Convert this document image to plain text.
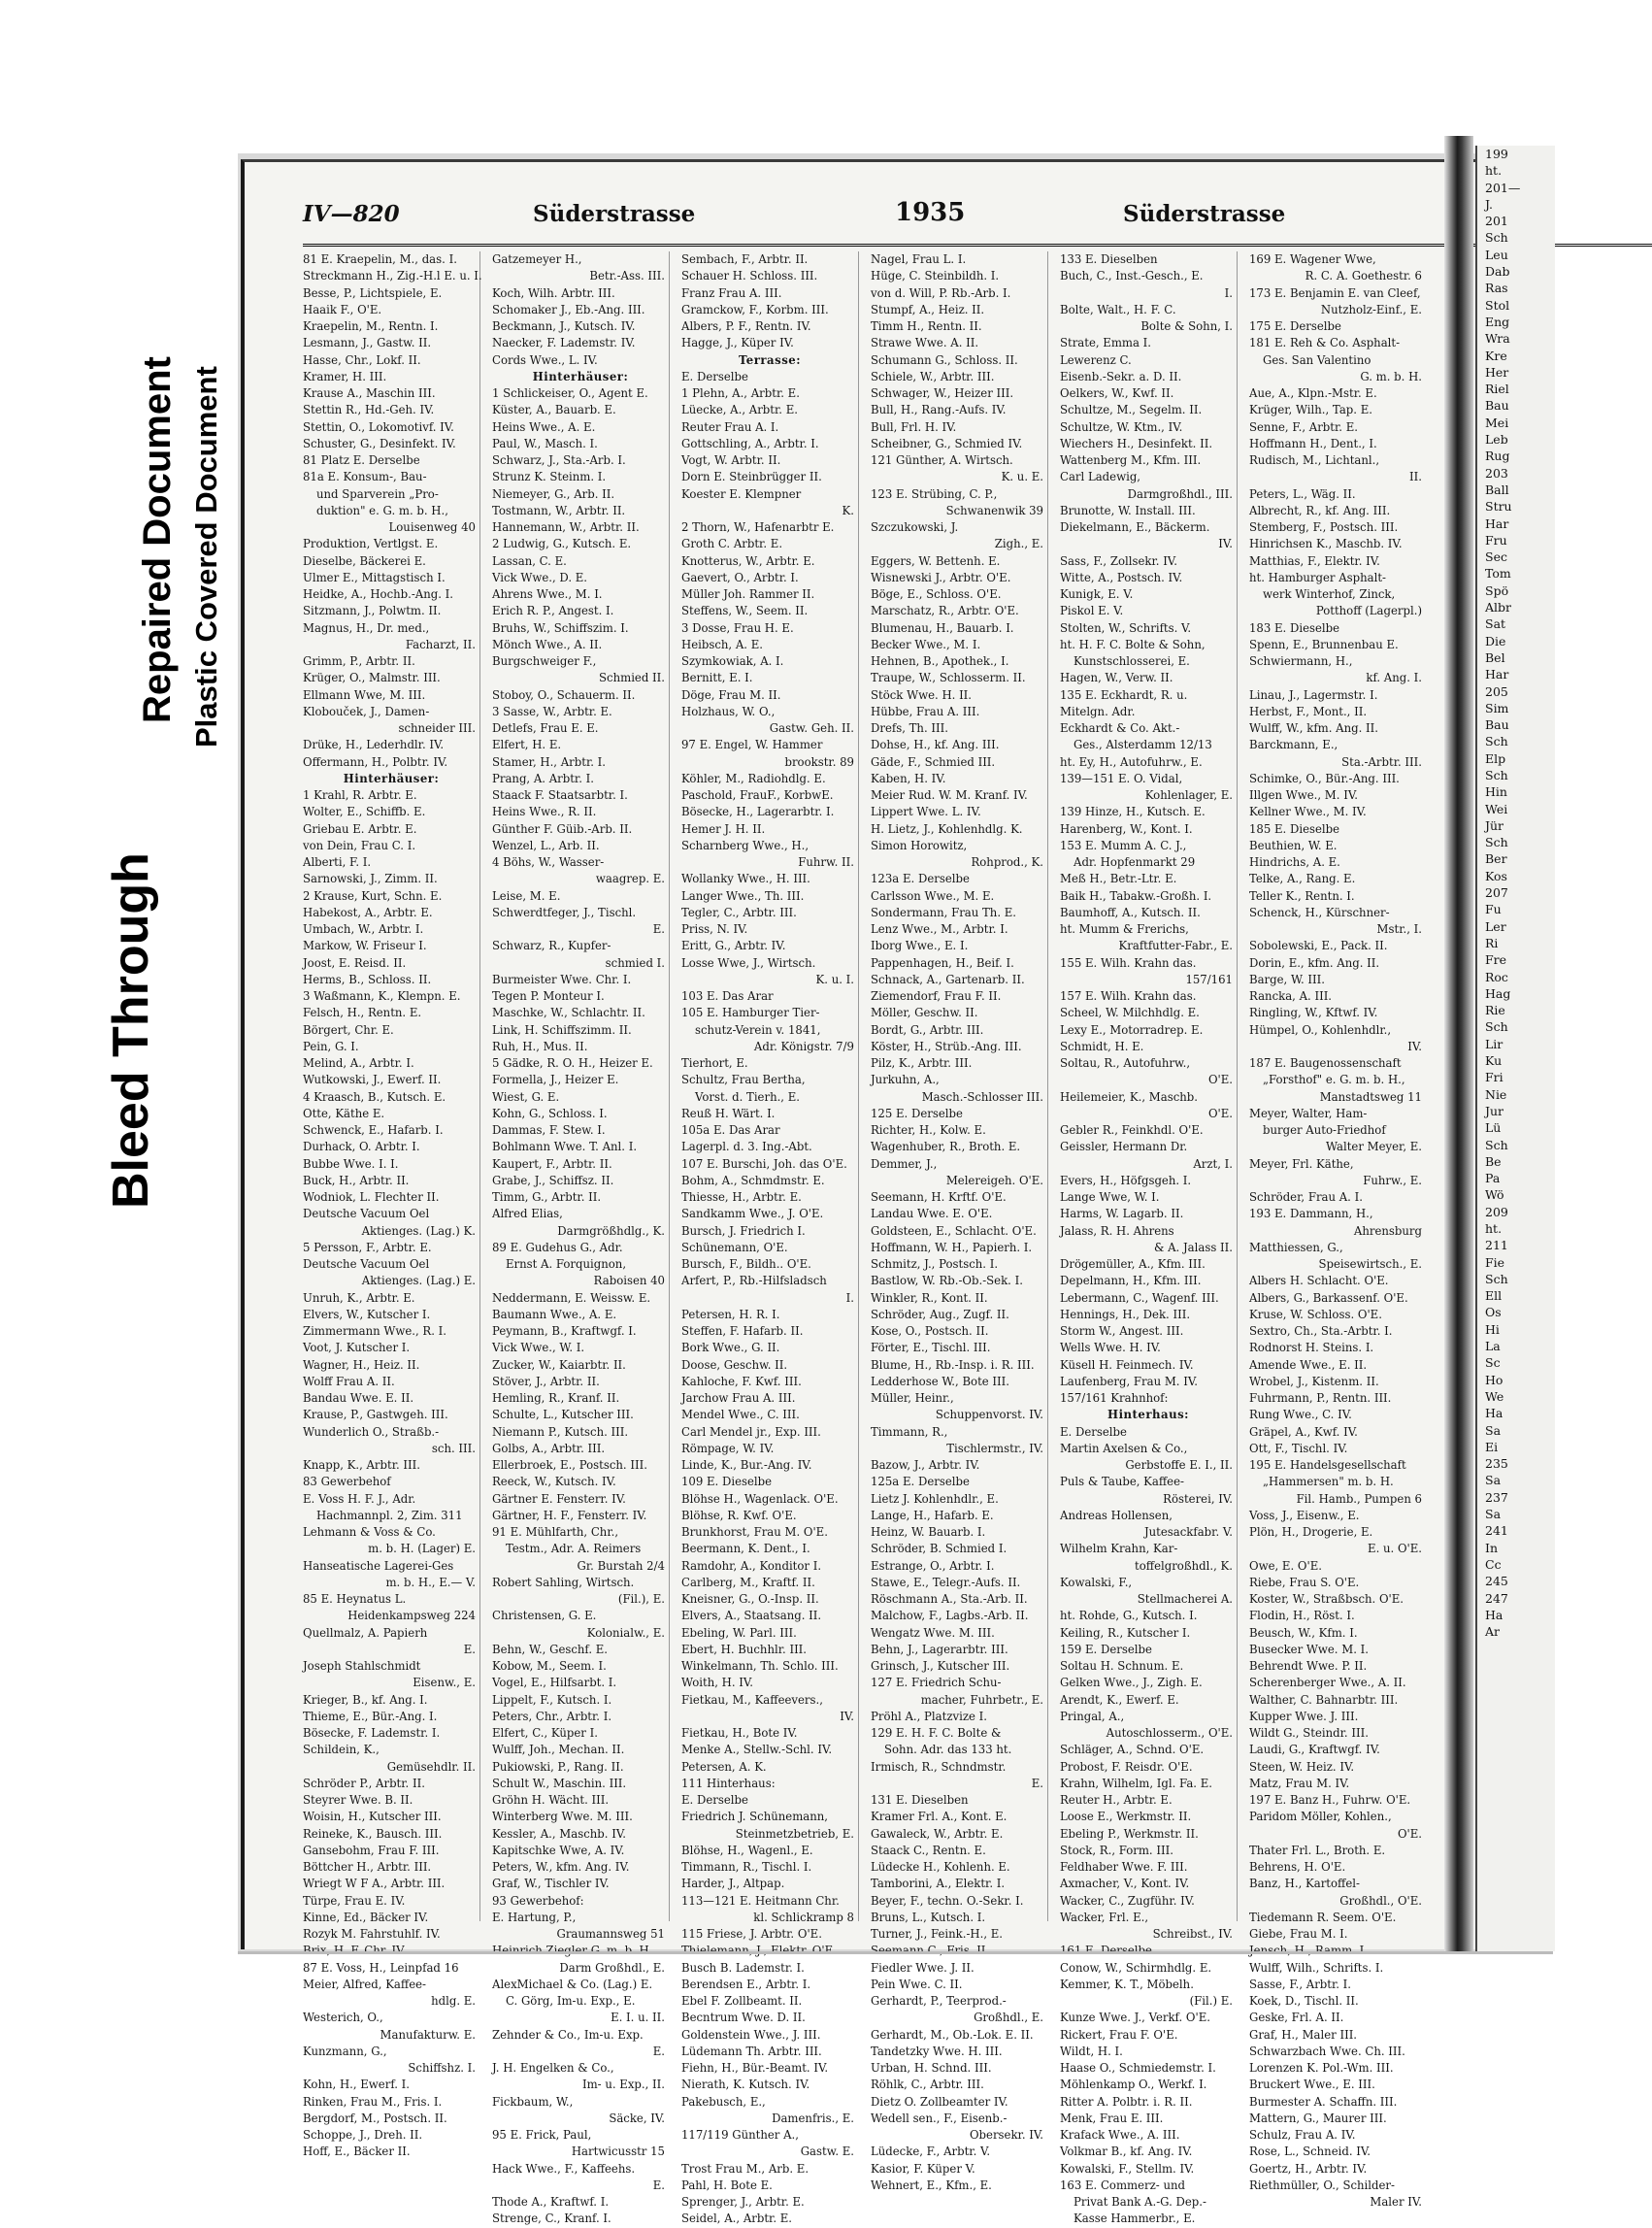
Bleed Through
Repaired Document Plastic Covered Document
IV—820	Süderstrasse	1935	Süderstrasse
81 E. Kraepelin, M., das. I.
Streckmann H., Zig.-H.l E. u. I.
Besse, P., Lichtspiele, E.
Haaik F., O'E.
Kraepelin, M., Rentn. I.
Lesmann, J., Gastw. II.
Hasse, Chr., Lokf. II.
Kramer, H. III.
Krause A., Maschin III.
Stettin R., Hd.-Geh. IV.
Stettin, O., Lokomotivf. IV.
Schuster, G., Desinfekt. IV.
81 Platz E. Derselbe
81a E. Konsum-, Bau-
und Sparverein „Pro-
duktion" e. G. m. b. H.,
Louisenweg 40
Produktion, Vertlgst. E.
Dieselbe, Bäckerei E.
Ulmer E., Mittagstisch I.
Heidke, A., Hochb.-Ang. I.
Sitzmann, J., Polwtm. II.
Magnus, H., Dr. med.,
Facharzt, II.
Grimm, P., Arbtr. II.
Krüger, O., Malmstr. III.
Ellmann Wwe, M. III.
Klobouček, J., Damen-
schneider III.
Drüke, H., Lederhdlr. IV.
Offermann, H., Polbtr. IV.
Hinterhäuser:
1 Krahl, R. Arbtr. E.
Wolter, E., Schiffb. E.
Griebau E. Arbtr. E.
von Dein, Frau C. I.
Alberti, F. I.
Sarnowski, J., Zimm. II.
2 Krause, Kurt, Schn. E.
Habekost, A., Arbtr. E.
Umbach, W., Arbtr. I.
Markow, W. Friseur I.
Joost, E. Reisd. II.
Herms, B., Schloss. II.
3 Waßmann, K., Klempn. E.
Felsch, H., Rentn. E.
Börgert, Chr. E.
Pein, G. I.
Melind, A., Arbtr. I.
Wutkowski, J., Ewerf. II.
4 Kraasch, B., Kutsch. E.
Otte, Käthe E.
Schwenck, E., Hafarb. I.
Durhack, O. Arbtr. I.
Bubbe Wwe. I. I.
Buck, H., Arbtr. II.
Wodniok, L. Flechter II.
Deutsche Vacuum Oel
Aktienges. (Lag.) K.
5 Persson, F., Arbtr. E.
Deutsche Vacuum Oel
Aktienges. (Lag.) E.
Unruh, K., Arbtr. E.
Elvers, W., Kutscher I.
Zimmermann Wwe., R. I.
Voot, J. Kutscher I.
Wagner, H., Heiz. II.
Wolff Frau A. II.
Bandau Wwe. E. II.
Krause, P., Gastwgeh. III.
Wunderlich O., Straßb.-
sch. III.
Knapp, K., Arbtr. III.
83 Gewerbehof
E. Voss H. F. J., Adr.
Hachmannpl. 2, Zim. 311
Lehmann & Voss & Co.
m. b. H. (Lager) E.
Hanseatische Lagerei-Ges
m. b. H., E.— V.
85 E. Heynatus L.
Heidenkampsweg 224
Quellmalz, A. Papierh
E.
Joseph Stahlschmidt
Eisenw., E.
Krieger, B., kf. Ang. I.
Thieme, E., Bür.-Ang. I.
Bösecke, F. Lademstr. I.
Schildein, K.,
Gemüsehdlr. II.
Schröder P., Arbtr. II.
Steyrer Wwe. B. II.
Woisin, H., Kutscher III.
Reineke, K., Bausch. III.
Gansebohm, Frau F. III.
Böttcher H., Arbtr. III.
Wriegt W F A., Arbtr. III.
Türpe, Frau E. IV.
Kinne, Ed., Bäcker IV.
Rozyk M. Fahrstuhlf. IV.
87 E. Voss, H., Leinpfad 16
Meier, Alfred, Kaffee-
hdlg. E.
Westerich, O.,
Manufakturw. E.
Kunzmann, G.,
Schiffshz. I.
Kohn, H., Ewerf. I.
Rinken, Frau M., Fris. I.
Bergdorf, M., Postsch. II.
Schoppe, J., Dreh. II.
Hoff, E., Bäcker II.
Gatzemeyer H.,
Betr.-Ass. III.
Koch, Wilh. Arbtr. III.
Schomaker J., Eb.-Ang. III.
Beckmann, J., Kutsch. IV.
Naecker, F. Lademstr. IV.
Cords Wwe., L. IV.
Hinterhäuser:
1 Schlickeiser, O., Agent E.
Küster, A., Bauarb. E.
Heins Wwe., A. E.
Paul, W., Masch. I.
Schwarz, J., Sta.-Arb. I.
Strunz K. Steinm. I.
Niemeyer, G., Arb. II.
Tostmann, W., Arbtr. II.
Hannemann, W., Arbtr. II.
2 Ludwig, G., Kutsch. E.
Lassan, C. E.
Vick Wwe., D. E.
Ahrens Wwe., M. I.
Erich R. P., Angest. I.
Bruhs, W., Schiffszim. I.
Mönch Wwe., A. II.
Burgschweiger F.,
Schmied II.
Stoboy, O., Schauerm. II.
3 Sasse, W., Arbtr. E.
Detlefs, Frau E. E.
Elfert, H. E.
Stamer, H., Arbtr. I.
Prang, A. Arbtr. I.
Staack F. Staatsarbtr. I.
Heins Wwe., R. II.
Günther F. Güib.-Arb. II.
Wenzel, L., Arb. II.
4 Böhs, W., Wasser-
waagrep. E.
Leise, M. E.
Schwerdtfeger, J., Tischl.
E.
Schwarz, R., Kupfer-
schmied I.
Burmeister Wwe. Chr. I.
Tegen P. Monteur I.
Maschke, W., Schlachtr. II.
Link, H. Schiffszimm. II.
Ruh, H., Mus. II.
5 Gädke, R. O. H., Heizer E.
Formella, J., Heizer E.
Wiest, G. E.
Kohn, G., Schloss. I.
Dammas, F. Stew. I.
Bohlmann Wwe. T. Anl. I.
Kaupert, F., Arbtr. II.
Grabe, J., Schiffsz. II.
Timm, G., Arbtr. II.
Alfred Elias,
Darmgrößhdlg., K.
89 E. Gudehus G., Adr.
Ernst A. Forquignon,
Raboisen 40
Neddermann, E. Weissw. E.
Baumann Wwe., A. E.
Peymann, B., Kraftwgf. I.
Vick Wwe., W. I.
Zucker, W., Kaiarbtr. II.
Stöver, J., Arbtr. II.
Hemling, R., Kranf. II.
Schulte, L., Kutscher III.
Niemann P., Kutsch. III.
Golbs, A., Arbtr. III.
Ellerbroek, E., Postsch. III.
Reeck, W., Kutsch. IV.
Gärtner E. Fensterr. IV.
Gärtner, H. F., Fensterr. IV.
91 E. Mühlfarth, Chr.,
Testm., Adr. A. Reimers
Gr. Burstah 2/4
Robert Sahling, Wirtsch.
(Fil.), E.
Christensen, G. E.
Kolonialw., E.
Behn, W., Geschf. E.
Kobow, M., Seem. I.
Vogel, E., Hilfsarbt. I.
Lippelt, F., Kutsch. I.
Peters, Chr., Arbtr. I.
Elfert, C., Küper I.
Wulff, Joh., Mechan. II.
Pukiowski, P., Rang. II.
Schult W., Maschin. III.
Gröhn H. Wächt. III.
Winterberg Wwe. M. III.
Kessler, A., Maschb. IV.
Kapitschke Wwe, A. IV.
Peters, W., kfm. Ang. IV.
Graf, W., Tischler IV.
93 Gewerbehof:
E. Hartung, P.,
Graumannsweg 51
Darm Großhdl., E.
AlexMichael & Co. (Lag.) E.
C. Görg, Im-u. Exp., E.
E. I. u. II.
Zehnder & Co., Im-u. Exp.
E.
J. H. Engelken & Co.,
Im- u. Exp., II.
Fickbaum, W.,
Säcke, IV.
95 E. Frick, Paul,
Hartwicusstr 15
Hack Wwe., F., Kaffeehs.
E.
Thode A., Kraftwf. I.
Strenge, C., Kranf. I.
Sembach, F., Arbtr. II.
Schauer H. Schloss. III.
Franz Frau A. III.
Gramckow, F., Korbm. III.
Albers, P. F., Rentn. IV.
Hagge, J., Küper IV.
Terrasse:
E. Derselbe
1 Plehn, A., Arbtr. E.
Lüecke, A., Arbtr. E.
Reuter Frau A. I.
Gottschling, A., Arbtr. I.
Vogt, W. Arbtr. II.
Dorn E. Steinbrügger II.
Koester E. Klempner
K.
2 Thorn, W., Hafenarbtr E.
Groth C. Arbtr. E.
Knotterus, W., Arbtr. E.
Gaevert, O., Arbtr. I.
Müller Joh. Rammer II.
Steffens, W., Seem. II.
3 Dosse, Frau H. E.
Heibsch, A. E.
Szymkowiak, A. I.
Bernitt, E. I.
Döge, Frau M. II.
Holzhaus, W. O.,
Gastw. Geh. II.
97 E. Engel, W. Hammer
brookstr. 89
Köhler, M., Radiohdlg. E.
Paschold, FrauF., KorbwE.
Bösecke, H., Lagerarbtr. I.
Hemer J. H. II.
Scharnberg Wwe., H.,
Fuhrw. II.
Wollanky Wwe., H. III.
Langer Wwe., Th. III.
Tegler, C., Arbtr. III.
Priss, N. IV.
Eritt, G., Arbtr. IV.
Losse Wwe, J., Wirtsch.
K. u. I.
103 E. Das Arar
105 E. Hamburger Tier-
schutz-Verein v. 1841,
Adr. Königstr. 7/9
Tierhort, E.
Schultz, Frau Bertha,
Vorst. d. Tierh., E.
Reuß H. Wärt. I.
105a E. Das Arar
Lagerpl. d. 3. Ing.-Abt.
107 E. Burschi, Joh. das O'E.
Bohm, A., Schmdmstr. E.
Thiesse, H., Arbtr. E.
Sandkamm Wwe., J. O'E.
Bursch, J. Friedrich I.
Schünemann, O'E.
Bursch, F., Bildh.. O'E.
Arfert, P., Rb.-Hilfsladsch
I.
Petersen, H. R. I.
Steffen, F. Hafarb. II.
Bork Wwe., G. II.
Doose, Geschw. II.
Kahloche, F. Kwf. III.
Jarchow Frau A. III.
Mendel Wwe., C. III.
Carl Mendel jr., Exp. III.
Römpage, W. IV.
Linde, K., Bur.-Ang. IV.
109 E. Dieselbe
Blöhse H., Wagenlack. O'E.
Blöhse, R. Kwf. O'E.
Brunkhorst, Frau M. O'E.
Beermann, K. Dent., I.
Ramdohr, A., Konditor I.
Carlberg, M., Kraftf. II.
Kneisner, G., O.-Insp. II.
Elvers, A., Staatsang. II.
Ebeling, W. Parl. III.
Ebert, H. Buchhlr. III.
Winkelmann, Th. Schlo. III.
Woith, H. IV.
Fietkau, M., Kaffeevers.,
IV.
Fietkau, H., Bote IV.
Menke A., Stellw.-Schl. IV.
Petersen, A. K.
111 Hinterhaus:
E. Derselbe
Friedrich J. Schünemann,
Steinmetzbetrieb, E.
Blöhse, H., Wagenl., E.
Timmann, R., Tischl. I.
Harder, J., Altpap.
113—121 E. Heitmann Chr.
kl. Schlickramp 8
115 Friese, J. Arbtr. O'E.
Busch B. Lademstr. I.
Berendsen E., Arbtr. I.
Ebel F. Zollbeamt. II.
Becntrum Wwe. D. II.
Goldenstein Wwe., J. III.
Lüdemann Th. Arbtr. III.
Fiehn, H., Bür.-Beamt. IV.
Nierath, K. Kutsch. IV.
Pakebusch, E.,
Damenfris., E.
117/119 Günther A.,
Gastw. E.
Trost Frau M., Arb. E.
Pahl, H. Bote E.
Sprenger, J., Arbtr. E.
Seidel, A., Arbtr. E.
Nagel, Frau L. I.
Hüge, C. Steinbildh. I.
von d. Will, P. Rb.-Arb. I.
Stumpf, A., Heiz. II.
Timm H., Rentn. II.
Strawe Wwe. A. II.
Schumann G., Schloss. II.
Schiele, W., Arbtr. III.
Schwager, W., Heizer III.
Bull, H., Rang.-Aufs. IV.
Bull, Frl. H. IV.
Scheibner, G., Schmied IV.
121 Günther, A. Wirtsch.
K. u. E.
123 E. Strübing, C. P.,
Schwanenwik 39
Szczukowski, J.
Zigh., E.
Eggers, W. Bettenh. E.
Wisnewski J., Arbtr. O'E.
Böge, E., Schloss. O'E.
Marschatz, R., Arbtr. O'E.
Blumenau, H., Bauarb. I.
Becker Wwe., M. I.
Hehnen, B., Apothek., I.
Traupe, W., Schlosserm. II.
Stöck Wwe. H. II.
Hübbe, Frau A. III.
Drefs, Th. III.
Dohse, H., kf. Ang. III.
Gäde, F., Schmied III.
Kaben, H. IV.
Meier Rud. W. M. Kranf. IV.
Lippert Wwe. L. IV.
H. Lietz, J., Kohlenhdlg. K.
Simon Horowitz,
Rohprod., K.
123a E. Derselbe
Carlsson Wwe., M. E.
Sondermann, Frau Th. E.
Lenz Wwe., M., Arbtr. I.
Iborg Wwe., E. I.
Pappenhagen, H., Beif. I.
Schnack, A., Gartenarb. II.
Ziemendorf, Frau F. II.
Möller, Geschw. II.
Bordt, G., Arbtr. III.
Köster, H., Strüb.-Ang. III.
Pilz, K., Arbtr. III.
Jurkuhn, A.,
Masch.-Schlosser III.
125 E. Derselbe
Richter, H., Kolw. E.
Wagenhuber, R., Broth. E.
Demmer, J.,
Melereigeh. O'E.
Seemann, H. Krftf. O'E.
Landau Wwe. E. O'E.
Goldsteen, E., Schlacht. O'E.
Hoffmann, W. H., Papierh. I.
Schmitz, J., Postsch. I.
Bastlow, W. Rb.-Ob.-Sek. I.
Winkler, R., Kont. II.
Schröder, Aug., Zugf. II.
Kose, O., Postsch. II.
Förter, E., Tischl. III.
Blume, H., Rb.-Insp. i. R. III.
Ledderhose W., Bote III.
Müller, Heinr.,
Schuppenvorst. IV.
Timmann, R.,
Tischlermstr., IV.
Bazow, J., Arbtr. IV.
125a E. Derselbe
Lietz J. Kohlenhdlr., E.
Lange, H., Hafarb. E.
Heinz, W. Bauarb. I.
Schröder, B. Schmied I.
Estrange, O., Arbtr. I.
Stawe, E., Telegr.-Aufs. II.
Röschmann A., Sta.-Arb. II.
Malchow, F., Lagbs.-Arb. II.
Wengatz Wwe. M. III.
Behn, J., Lagerarbtr. III.
Grinsch, J., Kutscher III.
127 E. Friedrich Schu-
macher, Fuhrbetr., E.
Pröhl A., Platzvize I.
129 E. H. F. C. Bolte &
Sohn. Adr. das 133 ht.
Irmisch, R., Schndmstr.
E.
131 E. Dieselben
Kramer Frl. A., Kont. E.
Gawaleck, W., Arbtr. E.
Staack C., Rentn. E.
Lüdecke H., Kohlenh. E.
Tamborini, A., Elektr. I.
Beyer, F., techn. O.-Sekr. I.
Bruns, L., Kutsch. I.
Turner, J., Feink.-H., E.
Fiedler Wwe. J. II.
Pein Wwe. C. II.
Gerhardt, P., Teerprod.-
Großhdl., E.
Gerhardt, M., Ob.-Lok. E. II.
Tandetzky Wwe. H. III.
Urban, H. Schnd. III.
Röhlk, C., Arbtr. III.
Dietz O. Zollbeamter IV.
Wedell sen., F., Eisenb.-
Obersekr. IV.
Lüdecke, F., Arbtr. V.
Kasior, F. Küper V.
Wehnert, E., Kfm., E.
133 E. Dieselben
Buch, C., Inst.-Gesch., E.
I.
Bolte, Walt., H. F. C.
Bolte & Sohn, I.
Strate, Emma I.
Lewerenz C.
Eisenb.-Sekr. a. D. II.
Oelkers, W., Kwf. II.
Schultze, M., Segelm. II.
Schultze, W. Ktm., IV.
Wiechers H., Desinfekt. II.
Wattenberg M., Kfm. III.
Carl Ladewig,
Darmgroßhdl., III.
Brunotte, W. Install. III.
Diekelmann, E., Bäckerm.
IV.
Sass, F., Zollsekr. IV.
Witte, A., Postsch. IV.
Kunigk, E. V.
Piskol E. V.
Stolten, W., Schrifts. V.
ht. H. F. C. Bolte & Sohn,
Kunstschlosserei, E.
Hagen, W., Verw. II.
135 E. Eckhardt, R. u.
Mitelgn. Adr.
Eckhardt & Co. Akt.-
Ges., Alsterdamm 12/13
ht. Ey, H., Autofuhrw., E.
139—151 E. O. Vidal,
Kohlenlager, E.
139 Hinze, H., Kutsch. E.
Harenberg, W., Kont. I.
153 E. Mumm A. C. J.,
Adr. Hopfenmarkt 29
Meß H., Betr.-Ltr. E.
Baik H., Tabakw.-Großh. I.
Baumhoff, A., Kutsch. II.
ht. Mumm & Frerichs,
Kraftfutter-Fabr., E.
155 E. Wilh. Krahn das.
157/161
157 E. Wilh. Krahn das.
Scheel, W. Milchhdlg. E.
Lexy E., Motorradrep. E.
Schmidt, H. E.
Soltau, R., Autofuhrw.,
O'E.
Heilemeier, K., Maschb.
O'E.
Gebler R., Feinkhdl. O'E.
Geissler, Hermann Dr.
Arzt, I.
Evers, H., Höfgsgeh. I.
Lange Wwe, W. I.
Harms, W. Lagarb. II.
Jalass, R. H. Ahrens
& A. Jalass II.
Drögemüller, A., Kfm. III.
Depelmann, H., Kfm. III.
Lebermann, C., Wagenf. III.
Hennings, H., Dek. III.
Storm W., Angest. III.
Wells Wwe. H. IV.
Küsell H. Feinmech. IV.
Laufenberg, Frau M. IV.
157/161 Krahnhof:
Hinterhaus:
E. Derselbe
Martin Axelsen & Co.,
Gerbstoffe E. I., II.
Puls & Taube, Kaffee-
Rösterei, IV.
Andreas Hollensen,
Jutesackfabr. V.
Wilhelm Krahn, Kar-
toffelgroßhdl., K.
Kowalski, F.,
Stellmacherei A.
ht. Rohde, G., Kutsch. I.
Keiling, R., Kutscher I.
159 E. Derselbe
Soltau H. Schnum. E.
Gelken Wwe., J., Zigh. E.
Arendt, K., Ewerf. E.
Pringal, A.,
Autoschlosserm., O'E.
Schläger, A., Schnd. O'E.
Probost, F. Reisdr. O'E.
Krahn, Wilhelm, Igl. Fa. E.
Reuter H., Arbtr. E.
Loose E., Werkmstr. II.
Ebeling P., Werkmstr. II.
Stock, R., Form. III.
Feldhaber Wwe. F. III.
Axmacher, V., Kont. IV.
Wacker, C., Zugführ. IV.
Wacker, Frl. E.,
Schreibst., IV.
Conow, W., Schirmhdlg. E.
Kemmer, K. T., Möbelh.
(Fil.) E.
Kunze Wwe. J., Verkf. O'E.
Rickert, Frau F. O'E.
Wildt, H. I.
Haase O., Schmiedemstr. I.
Möhlenkamp O., Werkf. I.
Ritter A. Polbtr. i. R. II.
Menk, Frau E. III.
Krafack Wwe., A. III.
Volkmar B., kf. Ang. IV.
Kowalski, F., Stellm. IV.
163 E. Commerz- und
Privat Bank A.-G. Dep.-
Kasse Hammerbr., E.
169 E. Wagener Wwe,
R. C. A. Goethestr. 6
173 E. Benjamin E. van Cleef,
Nutzholz-Einf., E.
175 E. Derselbe
181 E. Reh & Co. Asphalt-
Ges. San Valentino
G. m. b. H.
Aue, A., Klpn.-Mstr. E.
Krüger, Wilh., Tap. E.
Senne, F., Arbtr. E.
Hoffmann H., Dent., I.
Rudisch, M., Lichtanl.,
II.
Peters, L., Wäg. II.
Albrecht, R., kf. Ang. III.
Stemberg, F., Postsch. III.
Hinrichsen K., Maschb. IV.
Matthias, F., Elektr. IV.
ht. Hamburger Asphalt-
werk Winterhof, Zinck,
Potthoff (Lagerpl.)
183 E. Dieselbe
Spenn, E., Brunnenbau E.
Schwiermann, H.,
kf. Ang. I.
Linau, J., Lagermstr. I.
Herbst, F., Mont., II.
Wulff, W., kfm. Ang. II.
Barckmann, E.,
Sta.-Arbtr. III.
Schimke, O., Bür.-Ang. III.
Illgen Wwe., M. IV.
Kellner Wwe., M. IV.
185 E. Dieselbe
Beuthien, W. E.
Hindrichs, A. E.
Telke, A., Rang. E.
Teller K., Rentn. I.
Schenck, H., Kürschner-
Mstr., I.
Sobolewski, E., Pack. II.
Dorin, E., kfm. Ang. II.
Barge, W. III.
Rancka, A. III.
Ringling, W., Kftwf. IV.
Hümpel, O., Kohlenhdlr.,
IV.
187 E. Baugenossenschaft
„Forsthof" e. G. m. b. H.,
Manstadtsweg 11
Meyer, Walter, Ham-
burger Auto-Friedhof
Walter Meyer, E.
Meyer, Frl. Käthe,
Fuhrw., E.
Schröder, Frau A. I.
193 E. Dammann, H.,
Ahrensburg
Matthiessen, G.,
Speisewirtsch., E.
Albers H. Schlacht. O'E.
Albers, G., Barkassenf. O'E.
Kruse, W. Schloss. O'E.
Sextro, Ch., Sta.-Arbtr. I.
Rodnorst H. Steins. I.
Amende Wwe., E. II.
Wrobel, J., Kistenm. II.
Fuhrmann, P., Rentn. III.
Rung Wwe., C. IV.
Gräpel, A., Kwf. IV.
Ott, F., Tischl. IV.
195 E. Handelsgesellschaft
„Hammersen" m. b. H.
Fil. Hamb., Pumpen 6
Voss, J., Eisenw., E.
Plön, H., Drogerie, E.
E. u. O'E.
Owe, E. O'E.
Riebe, Frau S. O'E.
Koster, W., Straßbsch. O'E.
Flodin, H., Röst. I.
Beusch, W., Kfm. I.
Busecker Wwe. M. I.
Behrendt Wwe. P. II.
Scherenberger Wwe., A. II.
Walther, C. Bahnarbtr. III.
Kupper Wwe. J. III.
Wildt G., Steindr. III.
Laudi, G., Kraftwgf. IV.
Steen, W. Heiz. IV.
Matz, Frau M. IV.
197 E. Banz H., Fuhrw. O'E.
Paridom Möller, Kohlen.,
O'E.
Thater Frl. L., Broth. E.
Behrens, H. O'E.
Banz, H., Kartoffel-
Großhdl., O'E.
Tiedemann R. Seem. O'E.
Giebe, Frau M. I.
Wulff, Wilh., Schrifts. I.
Sasse, F., Arbtr. I.
Koek, D., Tischl. II.
Geske, Frl. A. II.
Graf, H., Maler III.
Schwarzbach Wwe. Ch. III.
Lorenzen K. Pol.-Wm. III.
Bruckert Wwe., E. III.
Burmester A. Schaffn. III.
Mattern, G., Maurer III.
Schulz, Frau A. IV.
Rose, L., Schneid. IV.
Goertz, H., Arbtr. IV.
Riethmüller, O., Schilder-
Maler IV.
199
ht.
201—
J.
201
Sch
Leu
Dab
Ras
Stol
Eng
Wra
Kre
Her
Riel
Bau
Mei
Leb
Rug
203
Ball
Stru
Har
Fru
Sec
Tom
Spö
Albr
Sat
Die
Bel
Har
205
Sim
Bau
Sch
Elp
Sch
Hin
Wei
Jür
Sch
Ber
Kos
207
Fu
Ler
Ri
Fre
Roc
Hag
Rie
Sch
Lir
Ku
Fri
Nie
Jur
Lü
Sch
Be
Pa
Wö
209
ht.
211
Fie
Sch
Ell
Os
Hi
La
Sc
Ho
We
Ha
Sa
Ei
235
Sa
237
Sa
241
In
Cc
245
247
Ha
Ar
